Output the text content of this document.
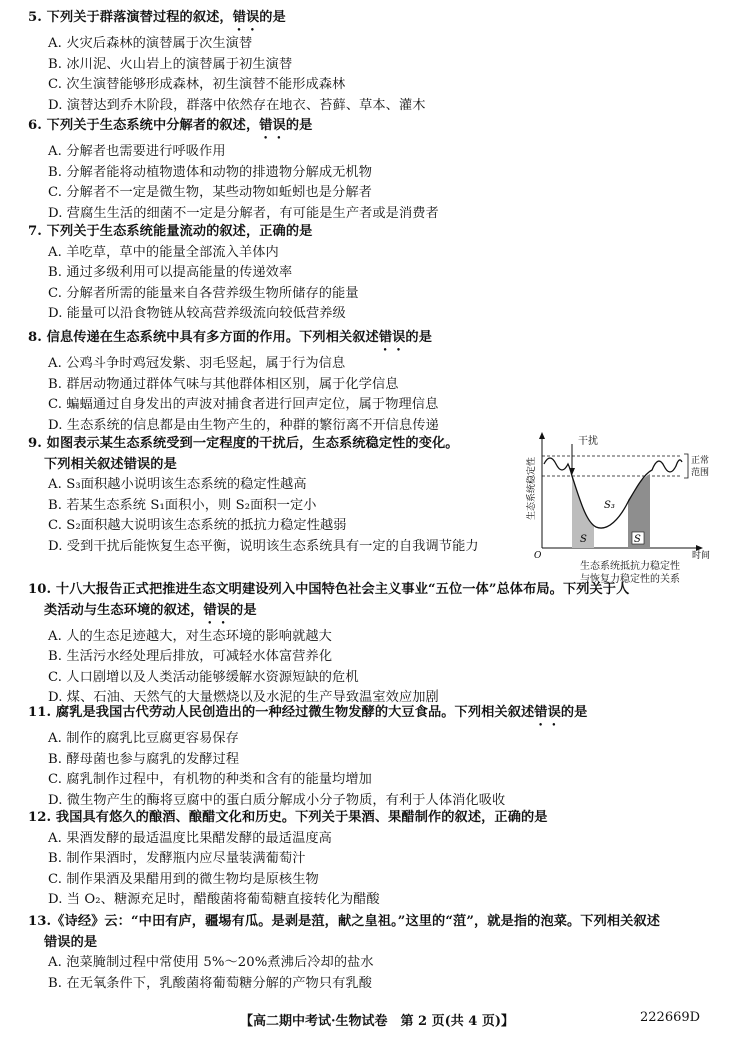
5. 下列关于群落演替过程的叙述，错误的是
A. 火灾后森林的演替属于次生演替
B. 冰川泥、火山岩上的演替属于初生演替
C. 次生演替能够形成森林，初生演替不能形成森林
D. 演替达到乔木阶段，群落中依然存在地衣、苔藓、草本、灌木
6. 下列关于生态系统中分解者的叙述，错误的是
A. 分解者也需要进行呼吸作用
B. 分解者能将动植物遗体和动物的排遗物分解成无机物
C. 分解者不一定是微生物，某些动物如蚯蚓也是分解者
D. 营腐生生活的细菌不一定是分解者，有可能是生产者或是消费者
7. 下列关于生态系统能量流动的叙述，正确的是
A. 羊吃草，草中的能量全部流入羊体内
B. 通过多级利用可以提高能量的传递效率
C. 分解者所需的能量来自各营养级生物所储存的能量
D. 能量可以沿食物链从较高营养级流向较低营养级
8. 信息传递在生态系统中具有多方面的作用。下列相关叙述错误的是
A. 公鸡斗争时鸡冠发紫、羽毛竖起，属于行为信息
B. 群居动物通过群体气味与其他群体相区别，属于化学信息
C. 蝙蝠通过自身发出的声波对捕食者进行回声定位，属于物理信息
D. 生态系统的信息都是由生物产生的，种群的繁衍离不开信息传递
9. 如图表示某生态系统受到一定程度的干扰后，生态系统稳定性的变化。
下列相关叙述错误的是
A. S₃面积越小说明该生态系统的稳定性越高
B. 若某生态系统 S₁面积小，则 S₂面积一定小
C. S₂面积越大说明该生态系统的抵抗力稳定性越弱
D. 受到干扰后能恢复生态平衡，说明该生态系统具有一定的自我调节能力
干扰
正常
范围
S
S₃
S
生态系统稳定性
O	时间
生态系统抵抗力稳定性
与恢复力稳定性的关系
10. 十八大报告正式把推进生态文明建设列入中国特色社会主义事业“五位一体”总体布局。下列关于人
类活动与生态环境的叙述，错误的是
A. 人的生态足迹越大，对生态环境的影响就越大
B. 生活污水经处理后排放，可减轻水体富营养化
C. 人口剧增以及人类活动能够缓解水资源短缺的危机
D. 煤、石油、天然气的大量燃烧以及水泥的生产导致温室效应加剧
11. 腐乳是我国古代劳动人民创造出的一种经过微生物发酵的大豆食品。下列相关叙述错误的是
A. 制作的腐乳比豆腐更容易保存
B. 酵母菌也参与腐乳的发酵过程
C. 腐乳制作过程中，有机物的种类和含有的能量均增加
D. 微生物产生的酶将豆腐中的蛋白质分解成小分子物质，有利于人体消化吸收
12. 我国具有悠久的酿酒、酿醋文化和历史。下列关于果酒、果醋制作的叙述，正确的是
A. 果酒发酵的最适温度比果醋发酵的最适温度高
B. 制作果酒时，发酵瓶内应尽量装满葡萄汁
C. 制作果酒及果醋用到的微生物均是原核生物
D. 当 O₂、糖源充足时，醋酸菌将葡萄糖直接转化为醋酸
13.《诗经》云：“中田有庐，疆埸有瓜。是剥是菹，献之皇祖。”这里的“菹”，就是指的泡菜。下列相关叙述
错误的是
A. 泡菜腌制过程中常使用 5%～20%煮沸后冷却的盐水
B. 在无氧条件下，乳酸菌将葡萄糖分解的产物只有乳酸
【高二期中考试·生物试卷　第 2 页(共 4 页)】	222669D
